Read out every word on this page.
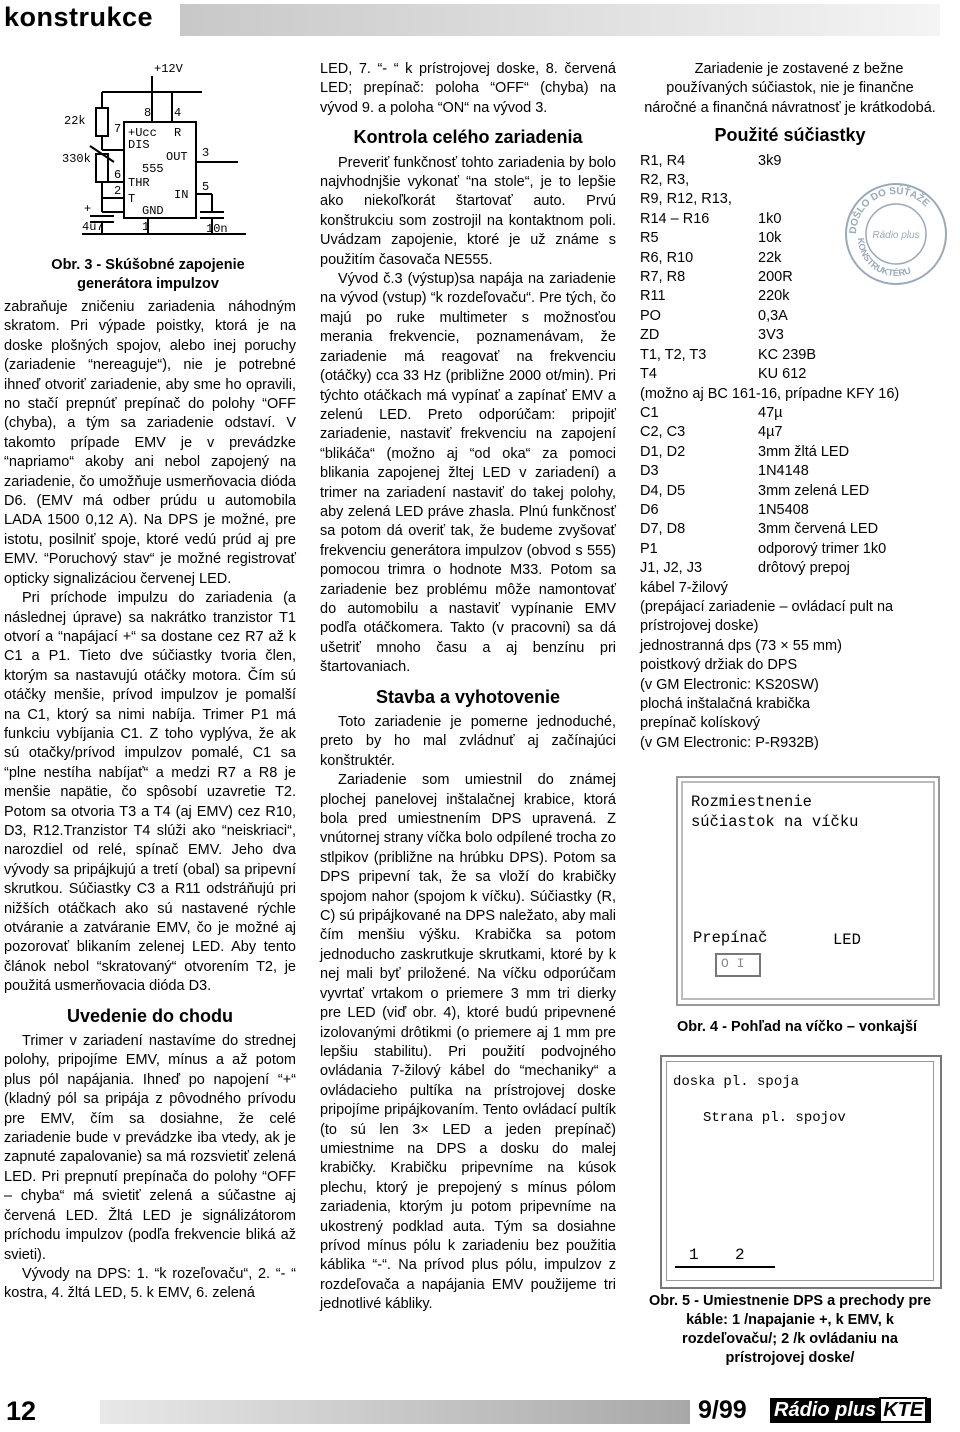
konstrukce
+12V
22k
330k
4u7	10n
555
+Ucc R
DIS
OUT
THR
IN
T
GND
8 4
7
3
6
5
2
1
+
Obr. 3 - Skúšobné zapojenie generátora impulzov

zabraňuje zničeniu zariadenia náhodným skratom. Pri výpade poistky, ktorá je na doske plošných spojov, alebo inej poruchy (zariadenie “nereaguje“), nie je potrebné ihneď otvoriť zariadenie, aby sme ho opravili, no stačí prepnúť prepínač do polohy “OFF (chyba), a tým sa zariadenie odstaví. V takomto prípade EMV je v prevádzke “napriamo“ akoby ani nebol zapojený na zariadenie, čo umožňuje usmerňovacia dióda D6. (EMV má odber prúdu u automobila LADA 1500 0,12 A). Na DPS je možné, pre istotu, posilniť spoje, ktoré vedú prúd aj pre EMV. “Poruchový stav“ je možné registrovať opticky signalizáciou červenej LED.

Pri príchode impulzu do zariadenia (a následnej úprave) sa nakrátko tranzistor T1 otvorí a “napájací +“ sa dostane cez R7 až k C1 a P1. Tieto dve súčiastky tvoria člen, ktorým sa nastavujú otáčky motora. Čím sú otáčky menšie, prívod impulzov je pomalší na C1, ktorý sa nimi nabíja. Trimer P1 má funkciu vybíjania C1. Z toho vyplýva, že ak sú otačky/prívod impulzov pomalé, C1 sa “plne nestíha nabíjať“ a medzi R7 a R8 je menšie napätie, čo spôsobí uzavretie T2. Potom sa otvoria T3 a T4 (aj EMV) cez R10, D3, R12.Tranzistor T4 slúži ako “neiskriaci“, narozdiel od relé, spínač EMV. Jeho dva vývody sa pripájkujú a tretí (obal) sa pripevní skrutkou. Súčiastky C3 a R11 odstráňujú pri nižších otáčkach ako sú nastavené rýchle otváranie a zatváranie EMV, čo je možné aj pozorovať blikaním zelenej LED. Aby tento článok nebol “skratovaný“ otvorením T2, je použitá usmerňovacia dióda D3.

Uvedenie do chodu

Trimer v zariadení nastavíme do strednej polohy, pripojíme EMV, mínus a až potom plus pól napájania. Ihneď po napojení “+“ (kladný pól sa pripája z pôvodného prívodu pre EMV, čím sa dosiahne, že celé zariadenie bude v prevádzke iba vtedy, ak je zapnuté zapalovanie) sa má rozsvietiť zelená LED. Pri prepnutí prepínača do polohy “OFF – chyba“ má svietiť zelená a súčastne aj červená LED. Žltá LED je signálizátorom príchodu impulzov (podľa frekvencie bliká až svieti).

Vývody na DPS: 1. “k rozeľovaču“, 2. “- “ kostra, 4. žltá LED, 5. k EMV, 6. zelená

LED, 7. “- “ k prístrojovej doske, 8. červená LED; prepínač: poloha “OFF“ (chyba) na vývod 9. a poloha “ON“ na vývod 3.

Kontrola celého zariadenia

Preveriť funkčnosť tohto zariadenia by bolo najvhodnjšie vykonať “na stole“, je to lepšie ako niekoľkorát štartovať auto. Prvú konštrukciu som zostrojil na kontaktnom poli. Uvádzam zapojenie, ktoré je už známe s použitím časovača NE555.

Vývod č.3 (výstup)sa napája na zariadenie na vývod (vstup) “k rozdeľovaču“. Pre tých, čo majú po ruke multimeter s možnosťou merania frekvencie, poznamenávam, že zariadenie má reagovať na frekvenciu (otáčky) cca 33 Hz (približne 2000 ot/min). Pri týchto otáčkach má vypínať a zapínať EMV a zelenú LED. Preto odporúčam: pripojiť zariadenie, nastaviť frekvenciu na zapojení “blikáča“ (možno aj “od oka“ za pomoci blikania zapojenej žltej LED v zariadení) a trimer na zariadení nastaviť do takej polohy, aby zelená LED práve zhasla. Plnú funkčnosť sa potom dá overiť tak, že budeme zvyšovať frekvenciu generátora impulzov (obvod s 555) pomocou trimra o hodnote M33. Potom sa zariadenie bez problému môže namontovať do automobilu a nastaviť vypínanie EMV podľa otáčkomera. Takto (v pracovni) sa dá ušetriť mnoho času a aj benzínu pri štartovaniach.

Stavba a vyhotovenie

Toto zariadenie je pomerne jednoduché, preto by ho mal zvládnuť aj začínajúci konštruktér.

Zariadenie som umiestnil do známej plochej panelovej inštalačnej krabice, ktorá bola pred umiestnením DPS upravená. Z vnútornej strany víčka bolo odpílené trocha zo stlpikov (približne na hrúbku DPS). Potom sa DPS pripevní tak, že sa vloží do krabičky spojom nahor (spojom k víčku). Súčiastky (R, C) sú pripájkované na DPS naležato, aby mali čím menšiu výšku. Krabička sa potom jednoducho zaskrutkuje skrutkami, ktoré by k nej mali byť priložené. Na víčku odporúčam vyvrtať vrtakom o priemere 3 mm tri dierky pre LED (viď obr. 4), ktoré budú pripevnené izolovanými drôtikmi (o priemere aj 1 mm pre lepšiu stabilitu). Pri použití podvojného ovládania 7-žilový kábel do “mechaniky“ a ovládacieho pultíka na prístrojovej doske pripojíme pripájkovaním. Tento ovládací pultík (to sú len 3× LED a jeden prepínač) umiestnime na DPS a dosku do malej krabičky. Krabičku pripevníme na kúsok plechu, ktorý je prepojený s mínus pólom zariadenia, ktorým ju potom pripevníme na ukostrený podklad auta. Tým sa dosiahne prívod mínus pólu k zariadeniu bez použitia káblika “-“. Na prívod plus pólu, impulzov z rozdeľovača a napájania EMV použijeme tri jednotlivé kábliky.

Zariadenie je zostavené z bežne používaných súčiastok, nie je finančne náročné a finančná návratnosť je krátkodobá.

Použité súčiastky
R1, R4	3k9
R2, R3,
R9, R12, R13,
R14 – R16	1k0
R5	10k
R6, R10	22k
R7, R8	200R
R11	220k
PO	0,3A
ZD	3V3
T1, T2, T3	KC 239B
T4	KU 612
(možno aj BC 161-16, prípadne KFY 16)
C1	47µ
C2, C3	4µ7
D1, D2	3mm žltá LED
D3	1N4148
D4, D5	3mm zelená LED
D6	1N5408
D7, D8	3mm červená LED
P1	odporový trimer 1k0
J1, J2, J3	drôtový prepoj
kábel 7-žilový
(prepájací zariadenie – ovládací pult na prístrojovej doske)
jednostranná dps (73 × 55 mm)
poistkový držiak do DPS
(v GM Electronic: KS20SW)
plochá inštalačná krabička
prepínač kolískový
(v GM Electronic: P-R932B)
DOŠLO DO SÚŤAŽE
KONSTRUKTÉRU
Rádio plus
Rozmiestnenie
súčiastok na víčku
Prepínač	LED
O I
Obr. 4 - Pohľad na víčko – vonkajší
doska pl. spoja
Strana pl. spojov
1 2
Obr. 5 - Umiestnenie DPS a prechody pre káble: 1 /napajanie +, k EMV, k rozdeľovaču/; 2 /k ovládaniu na prístrojovej doske/
12	9/99 Rádio plus KTE
